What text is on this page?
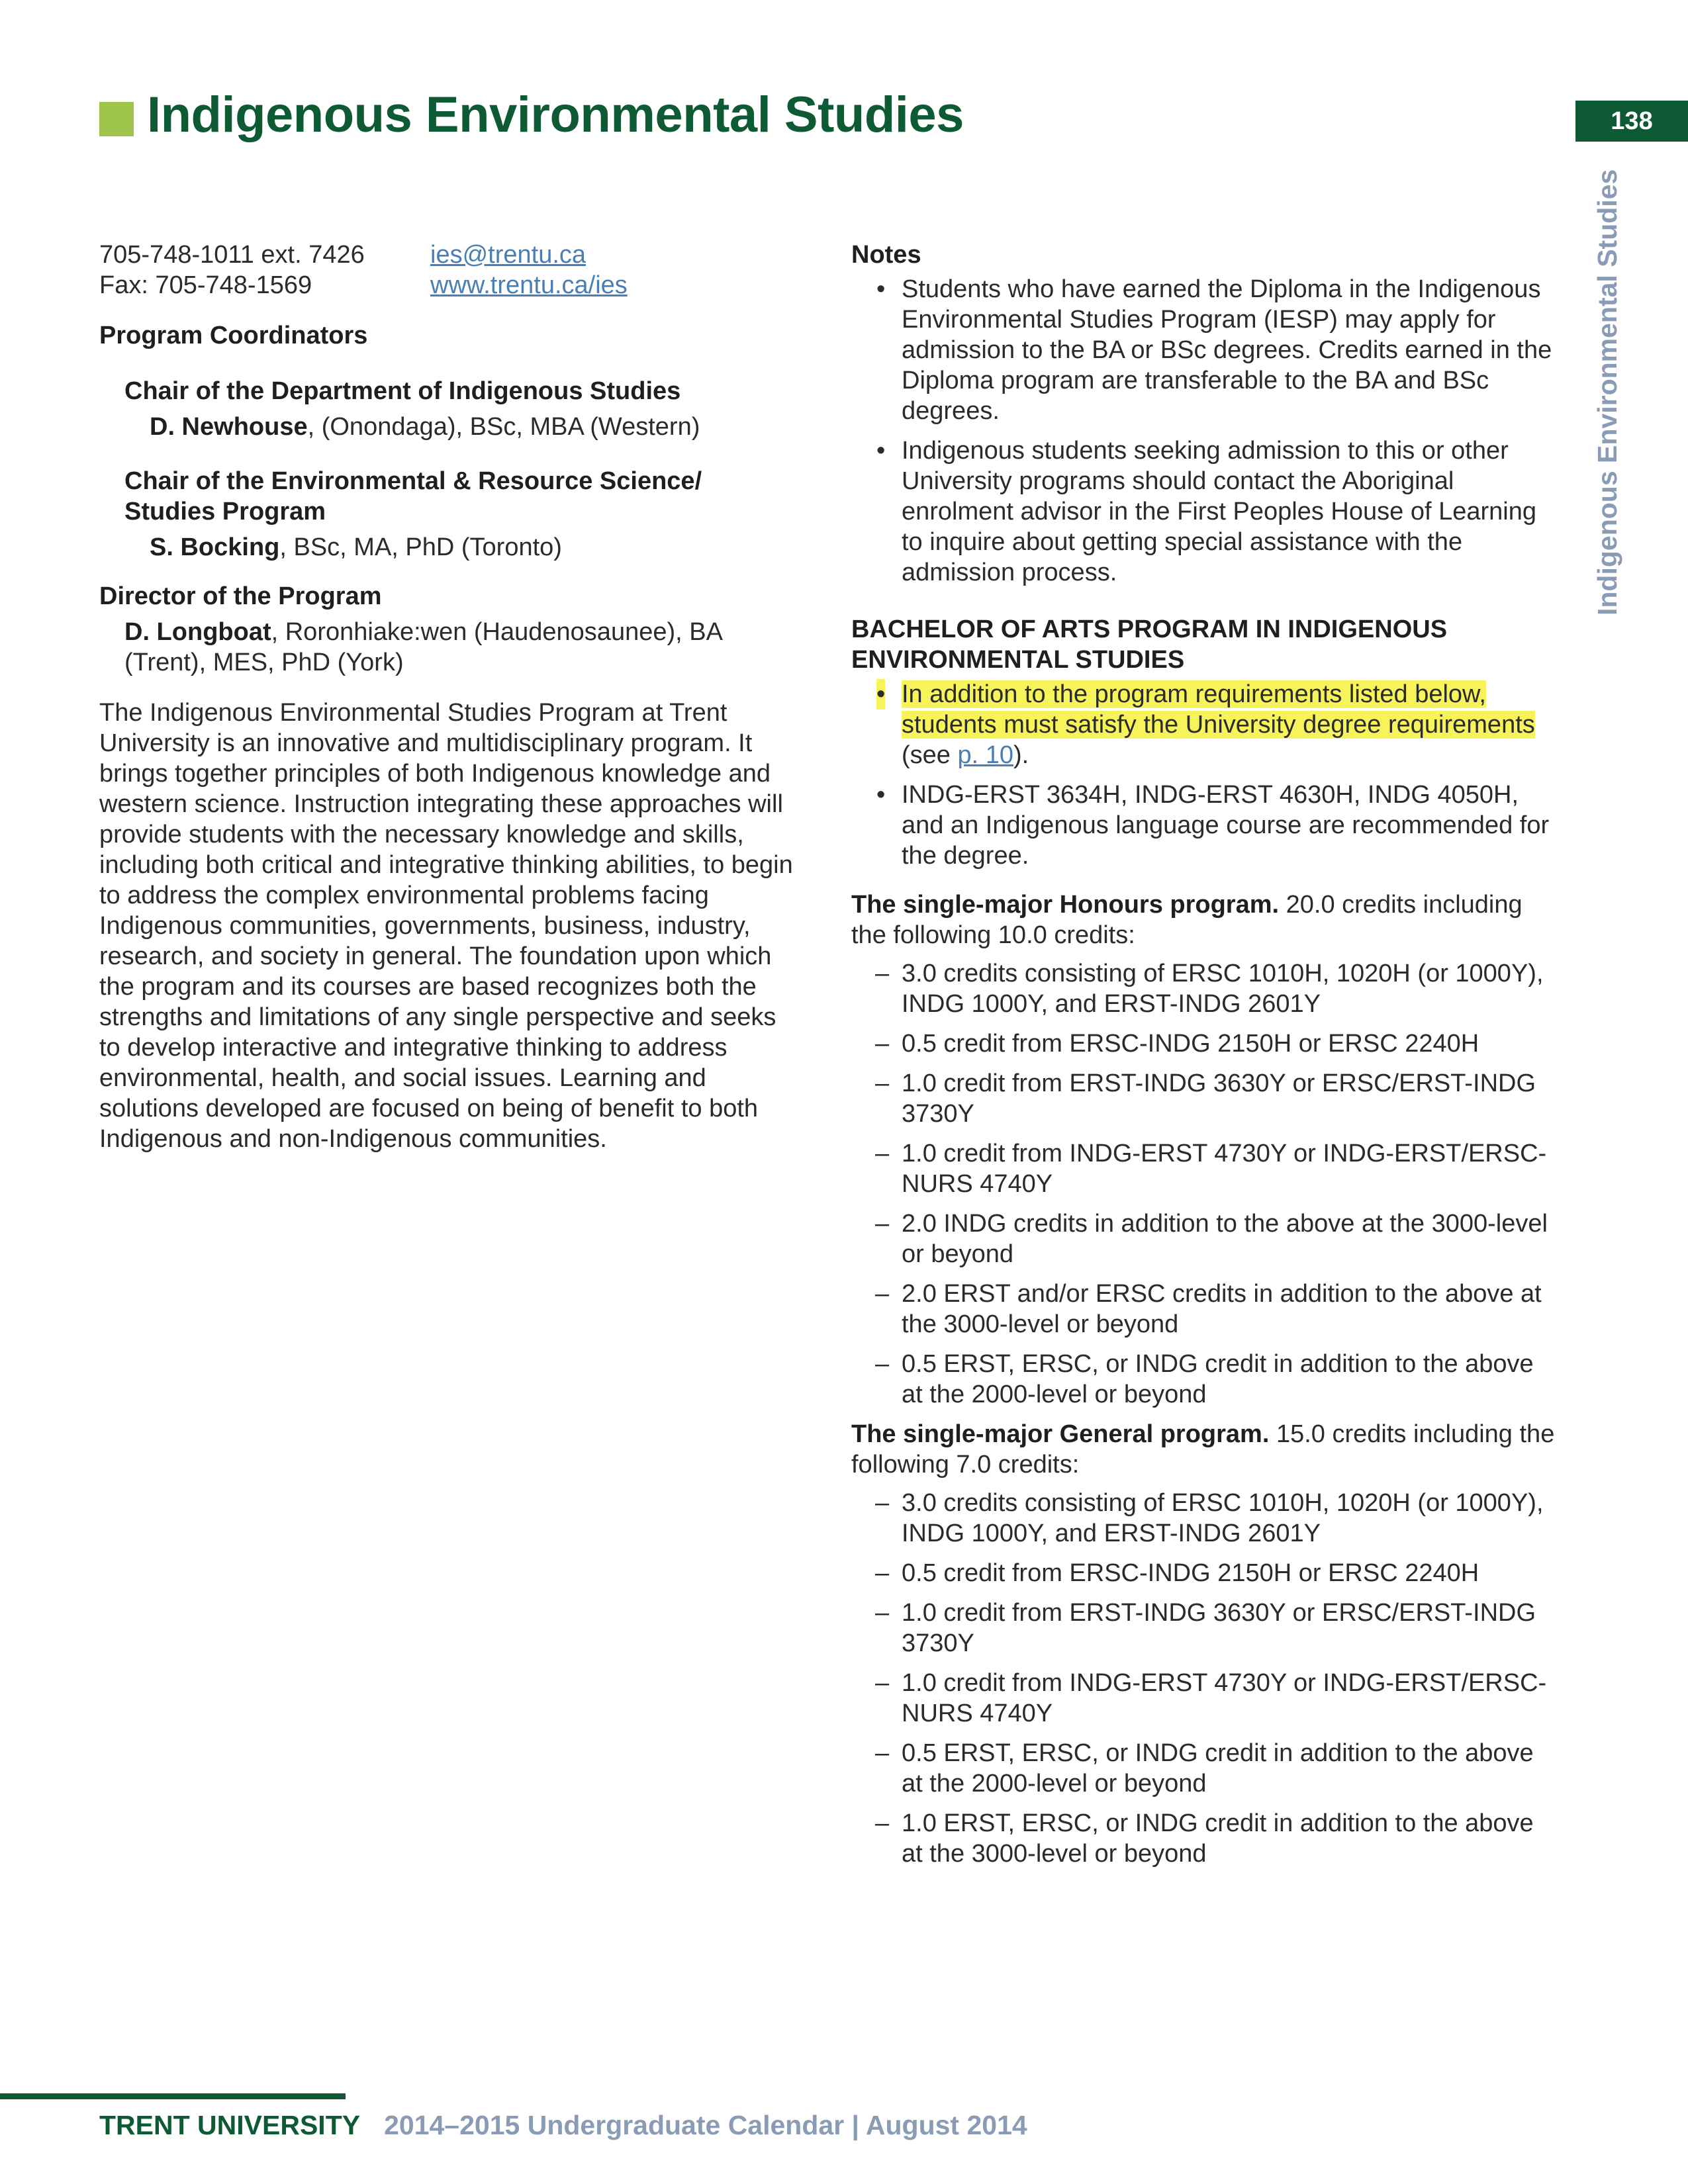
Indigenous Environmental Studies	138
Indigenous Environmental Studies
705-748-1011 ext. 7426	ies@trentu.ca
Fax: 705-748-1569	www.trentu.ca/ies
Program Coordinators
Chair of the Department of Indigenous Studies
D. Newhouse, (Onondaga), BSc, MBA (Western)
Chair of the Environmental & Resource Science/ Studies Program
S. Bocking, BSc, MA, PhD (Toronto)
Director of the Program
D. Longboat, Roronhiake:wen (Haudenosaunee), BA (Trent), MES, PhD (York)

The Indigenous Environmental Studies Program at Trent University is an innovative and multidisciplinary program. It brings together principles of both Indigenous knowledge and western science. Instruction integrating these approaches will provide students with the necessary knowledge and skills, including both critical and integrative thinking abilities, to begin to address the complex environmental problems facing Indigenous communities, governments, business, industry, research, and society in general. The foundation upon which the program and its courses are based recognizes both the strengths and limitations of any single perspective and seeks to develop interactive and integrative thinking to address environmental, health, and social issues. Learning and solutions developed are focused on being of benefit to both Indigenous and non-Indigenous communities.

Notes
• Students who have earned the Diploma in the Indigenous Environmental Studies Program (IESP) may apply for admission to the BA or BSc degrees. Credits earned in the Diploma program are transferable to the BA and BSc degrees.
• Indigenous students seeking admission to this or other University programs should contact the Aboriginal enrolment advisor in the First Peoples House of Learning to inquire about getting special assistance with the admission process.
BACHELOR OF ARTS PROGRAM IN INDIGENOUS ENVIRONMENTAL STUDIES
• In addition to the program requirements listed below, students must satisfy the University degree requirements (see p. 10).
• INDG-ERST 3634H, INDG-ERST 4630H, INDG 4050H, and an Indigenous language course are recommended for the degree.
The single-major Honours program. 20.0 credits including the following 10.0 credits:
– 3.0 credits consisting of ERSC 1010H, 1020H (or 1000Y), INDG 1000Y, and ERST-INDG 2601Y
– 0.5 credit from ERSC-INDG 2150H or ERSC 2240H
– 1.0 credit from ERST-INDG 3630Y or ERSC/ERST-INDG 3730Y
– 1.0 credit from INDG-ERST 4730Y or INDG-ERST/ERSC-NURS 4740Y
– 2.0 INDG credits in addition to the above at the 3000-level or beyond
– 2.0 ERST and/or ERSC credits in addition to the above at the 3000-level or beyond
– 0.5 ERST, ERSC, or INDG credit in addition to the above at the 2000-level or beyond
The single-major General program. 15.0 credits including the following 7.0 credits:
– 3.0 credits consisting of ERSC 1010H, 1020H (or 1000Y), INDG 1000Y, and ERST-INDG 2601Y
– 0.5 credit from ERSC-INDG 2150H or ERSC 2240H
– 1.0 credit from ERST-INDG 3630Y or ERSC/ERST-INDG 3730Y
– 1.0 credit from INDG-ERST 4730Y or INDG-ERST/ERSC-NURS 4740Y
– 0.5 ERST, ERSC, or INDG credit in addition to the above at the 2000-level or beyond
– 1.0 ERST, ERSC, or INDG credit in addition to the above at the 3000-level or beyond
TRENT UNIVERSITY 2014–2015 Undergraduate Calendar | August 2014
